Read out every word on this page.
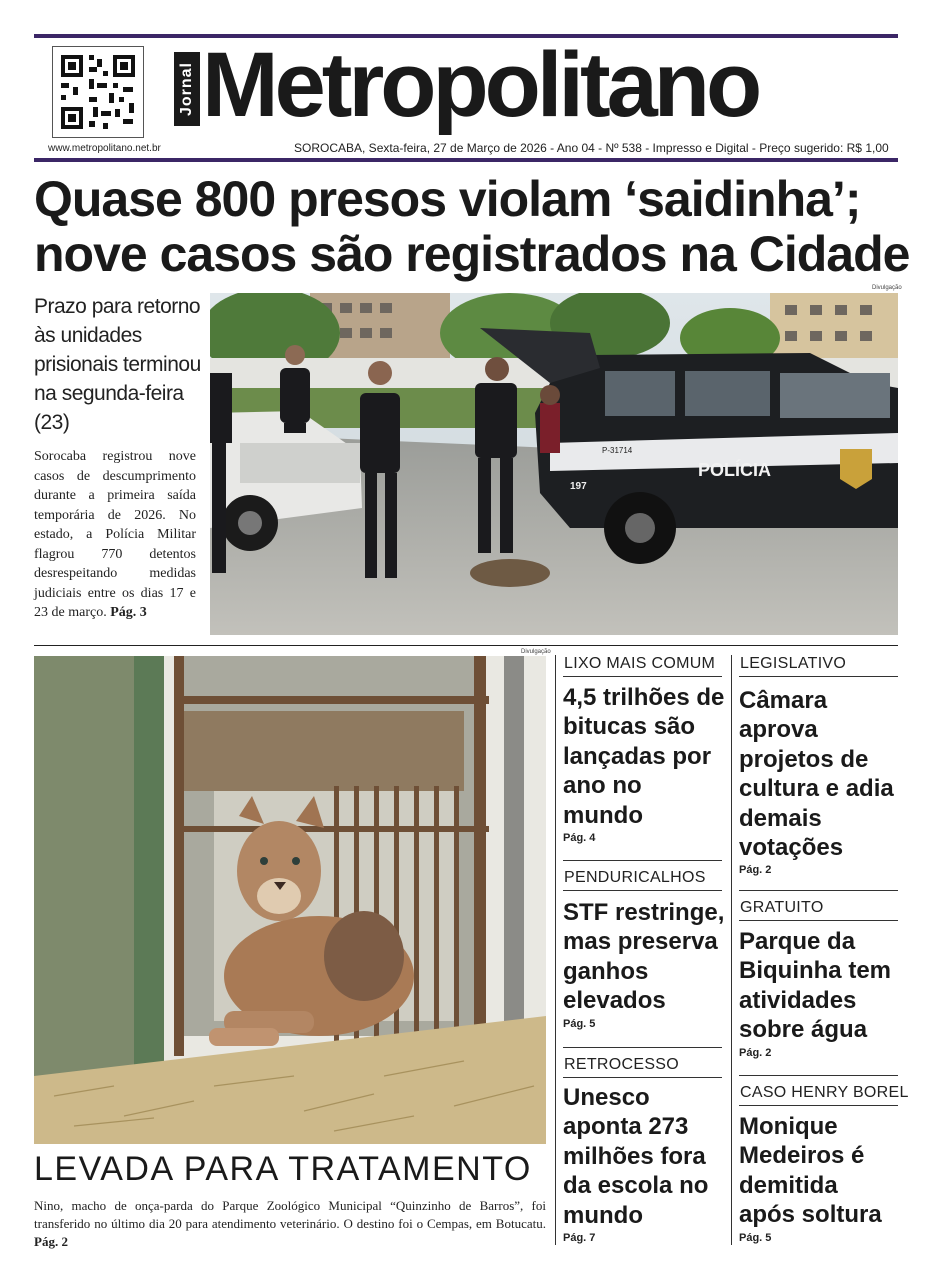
www.metropolitano.net.br
Jornal Metropolitano
SOROCABA, Sexta-feira, 27 de Março de 2026 - Ano 04 - Nº 538 - Impresso e Digital - Preço sugerido: R$ 1,00
Quase 800 presos violam ‘saidinha’;
nove casos são registrados na Cidade
Prazo para retorno às unidades prisionais terminou na segunda-feira (23)
Sorocaba registrou nove casos de descumprimento durante a primeira saída temporária de 2026. No estado, a Polícia Militar flagrou 770 detentos desrespeitando medidas judiciais entre os dias 17 e 23 de março. Pág. 3
Divulgação
POLÍCIA
P-31714
197
Divulgação
LEVADA PARA TRATAMENTO
Nino, macho de onça-parda do Parque Zoológico Municipal “Quinzinho de Barros”, foi transferido no último dia 20 para atendimento veterinário. O destino foi o Cempas, em Botucatu. Pág. 2
LIXO MAIS COMUM
4,5 trilhões de bitucas são lançadas por ano no mundo
Pág. 4
PENDURICALHOS
STF restringe, mas preserva ganhos elevados
Pág. 5
RETROCESSO
Unesco aponta 273 milhões fora da escola no mundo
Pág. 7
LEGISLATIVO
Câmara aprova projetos de cultura e adia demais votações
Pág. 2
GRATUITO
Parque da Biquinha tem atividades sobre água
Pág. 2
CASO HENRY BOREL
Monique Medeiros é demitida após soltura
Pág. 5
